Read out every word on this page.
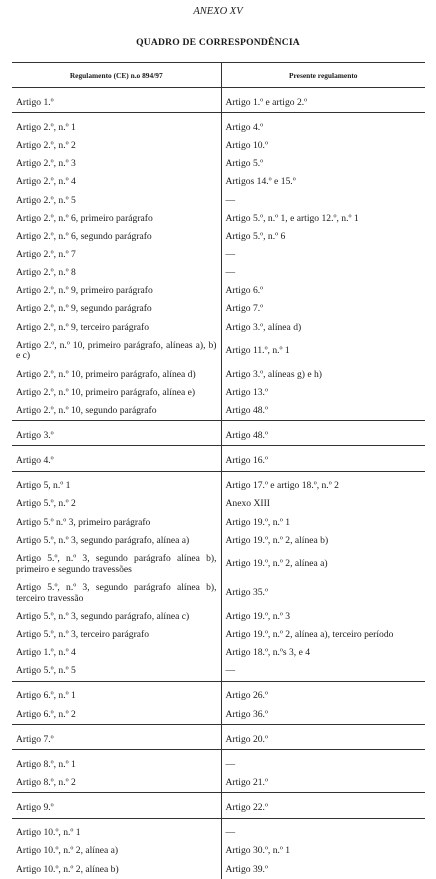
ANEXO XV
QUADRO DE CORRESPONDÊNCIA
Regulamento (CE) n.o 894/97	Presente regulamento
Artigo 1.º	Artigo 1.º e artigo 2.º
Artigo 2.º, n.º 1	Artigo 4.º
Artigo 2.º, n.º 2	Artigo 10.º
Artigo 2.º, n.º 3	Artigo 5.º
Artigo 2.º, n.º 4	Artigos 14.º e 15.º
Artigo 2.º, n.º 5	—
Artigo 2.º, n.º 6, primeiro parágrafo	Artigo 5.º, n.º 1, e artigo 12.º, n.º 1
Artigo 2.º, n.º 6, segundo parágrafo	Artigo 5.º, n.º 6
Artigo 2.º, n.º 7	—
Artigo 2.º, n.º 8	—
Artigo 2.º, n.º 9, primeiro parágrafo	Artigo 6.º
Artigo 2.º, n.º 9, segundo parágrafo	Artigo 7.º
Artigo 2.º, n.º 9, terceiro parágrafo	Artigo 3.º, alínea d)
Artigo 2.º, n.º 10, primeiro parágrafo, alíneas a), b) e c)	Artigo 11.º, n.º 1
Artigo 2.º, n.º 10, primeiro parágrafo, alínea d)	Artigo 3.º, alíneas g) e h)
Artigo 2.º, n.º 10, primeiro parágrafo, alínea e)	Artigo 13.º
Artigo 2.º, n.º 10, segundo parágrafo	Artigo 48.º
Artigo 3.º	Artigo 48.º
Artigo 4.º	Artigo 16.º
Artigo 5, n.º 1	Artigo 17.º e artigo 18.º, n.º 2
Artigo 5.º, n.º 2	Anexo XIII
Artigo 5.º n.º 3, primeiro parágrafo	Artigo 19.º, n.º 1
Artigo 5.º, n.º 3, segundo parágrafo, alínea a)	Artigo 19.º, n.º 2, alínea b)
Artigo 5.º, n.º 3, segundo parágrafo alínea b), primeiro e segundo travessões	Artigo 19.º, n.º 2, alínea a)
Artigo 5.º, n.º 3, segundo parágrafo alínea b), terceiro travessão	Artigo 35.º
Artigo 5.º, n.º 3, segundo parágrafo, alínea c)	Artigo 19.º, n.º 3
Artigo 5.º, n.º 3, terceiro parágrafo	Artigo 19.º, n.º 2, alínea a), terceiro período
Artigo 1.º, n.º 4	Artigo 18.º, n.ºs 3, e 4
Artigo 5.º, n.º 5	—
Artigo 6.º, n.º 1	Artigo 26.º
Artigo 6.º, n.º 2	Artigo 36.º
Artigo 7.º	Artigo 20.º
Artigo 8.º, n.º 1	—
Artigo 8.º, n.º 2	Artigo 21.º
Artigo 9.º	Artigo 22.º
Artigo 10.º, n.º 1	—
Artigo 10.º, n.º 2, alínea a)	Artigo 30.º, n.º 1
Artigo 10.º, n.º 2, alínea b)	Artigo 39.º
